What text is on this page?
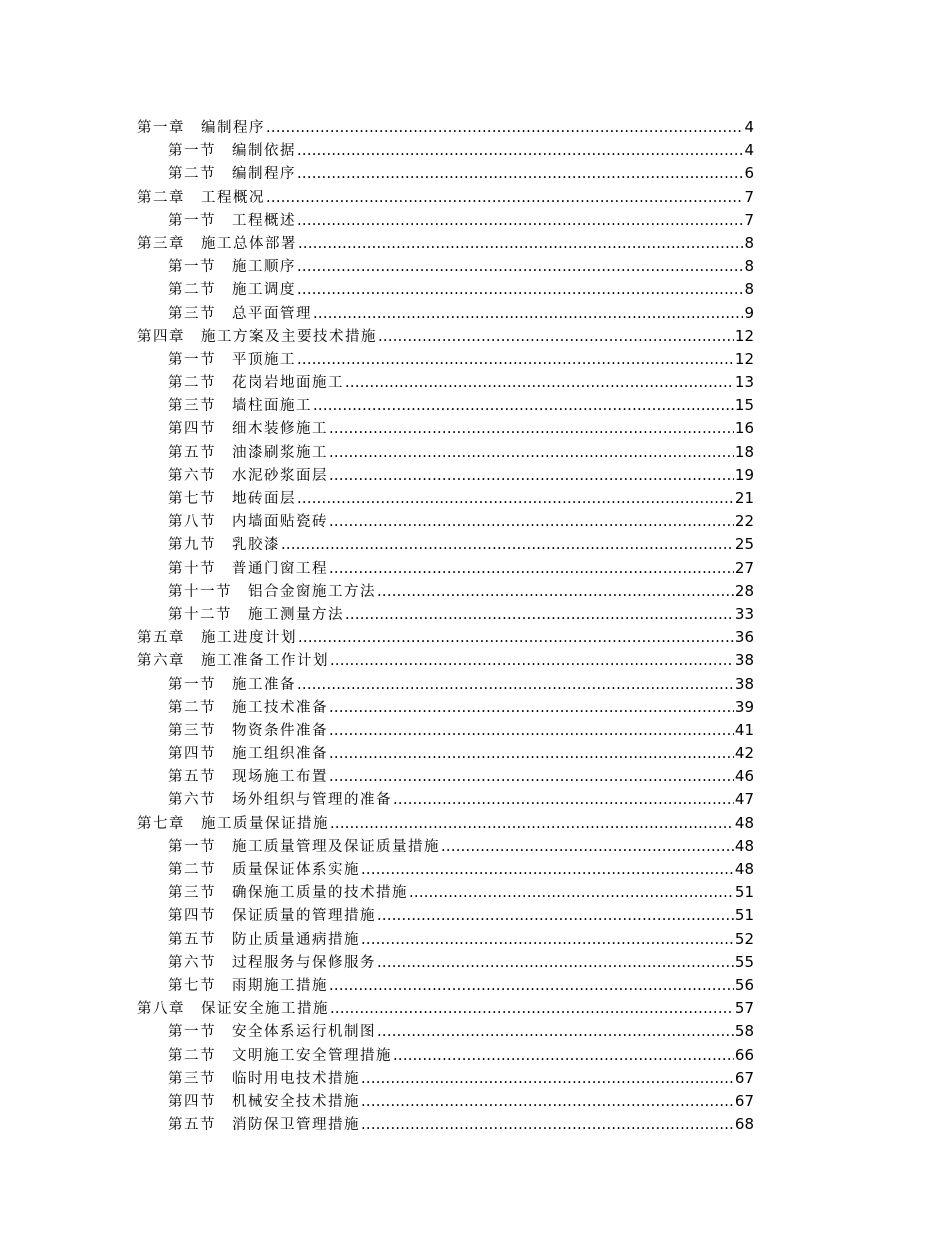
第一章 编制程序 .....	4
第一节 编制依据 .....	4
第二节 编制程序 .....	6
第二章 工程概况 .....	7
第一节 工程概述 .....	7
第三章 施工总体部署 .....	8
第一节 施工顺序 .....	8
第二节 施工调度 .....	8
第三节 总平面管理 .....	9
第四章 施工方案及主要技术措施 .....	12
第一节 平顶施工 .....	12
第二节 花岗岩地面施工 .....	13
第三节 墙柱面施工 .....	15
第四节 细木装修施工 .....	16
第五节 油漆刷浆施工 .....	18
第六节 水泥砂浆面层 .....	19
第七节 地砖面层 .....	21
第八节 内墙面贴瓷砖 .....	22
第九节 乳胶漆 .....	25
第十节 普通门窗工程 .....	27
第十一节 铝合金窗施工方法 .....	28
第十二节 施工测量方法 .....	33
第五章 施工进度计划 .....	36
第六章 施工准备工作计划 .....	38
第一节 施工准备 .....	38
第二节 施工技术准备 .....	39
第三节 物资条件准备 .....	41
第四节 施工组织准备 .....	42
第五节 现场施工布置 .....	46
第六节 场外组织与管理的准备 .....	47
第七章 施工质量保证措施 .....	48
第一节 施工质量管理及保证质量措施 .....	48
第二节 质量保证体系实施 .....	48
第三节 确保施工质量的技术措施 .....	51
第四节 保证质量的管理措施 .....	51
第五节 防止质量通病措施 .....	52
第六节 过程服务与保修服务 .....	55
第七节 雨期施工措施 .....	56
第八章 保证安全施工措施 .....	57
第一节 安全体系运行机制图 .....	58
第二节 文明施工安全管理措施 .....	66
第三节 临时用电技术措施 .....	67
第四节 机械安全技术措施 .....	67
第五节 消防保卫管理措施 .....	68
